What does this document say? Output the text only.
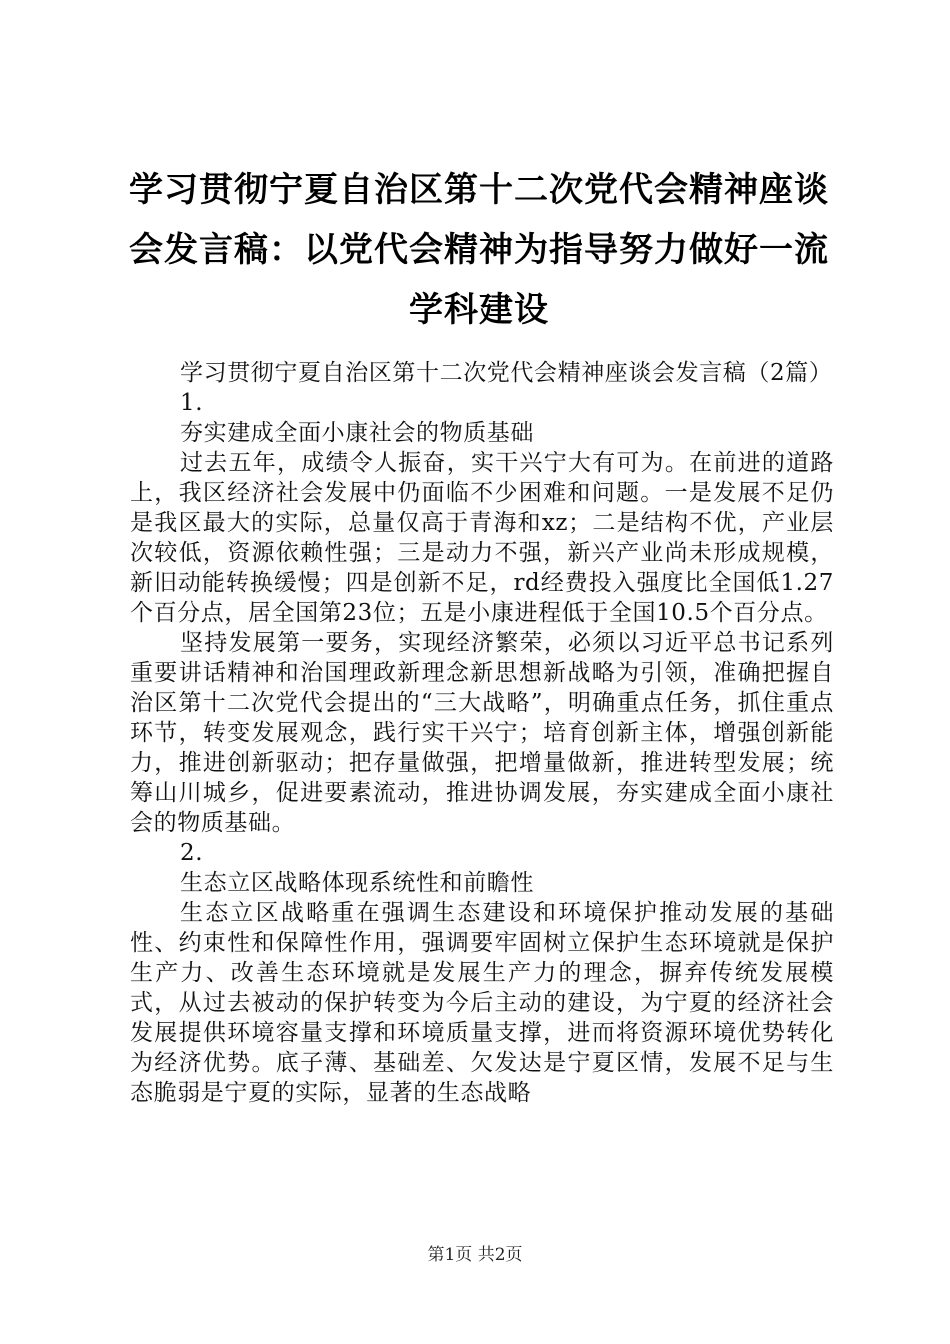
学习贯彻宁夏自治区第十二次党代会精神座谈会发言稿：以党代会精神为指导努力做好一流学科建设

学习贯彻宁夏自治区第十二次党代会精神座谈会发言稿（2篇）

1.

夯实建成全面小康社会的物质基础

过去五年，成绩令人振奋，实干兴宁大有可为。在前进的道路上，我区经济社会发展中仍面临不少困难和问题。一是发展不足仍是我区最大的实际，总量仅高于青海和xz；二是结构不优，产业层次较低，资源依赖性强；三是动力不强，新兴产业尚未形成规模，新旧动能转换缓慢；四是创新不足，rd经费投入强度比全国低1.27个百分点，居全国第23位；五是小康进程低于全国10.5个百分点。

坚持发展第一要务，实现经济繁荣，必须以习近平总书记系列重要讲话精神和治国理政新理念新思想新战略为引领，准确把握自治区第十二次党代会提出的“三大战略”，明确重点任务，抓住重点环节，转变发展观念，践行实干兴宁；培育创新主体，增强创新能力，推进创新驱动；把存量做强，把增量做新，推进转型发展；统筹山川城乡，促进要素流动，推进协调发展，夯实建成全面小康社会的物质基础。

2.

生态立区战略体现系统性和前瞻性

生态立区战略重在强调生态建设和环境保护推动发展的基础性、约束性和保障性作用，强调要牢固树立保护生态环境就是保护生产力、改善生态环境就是发展生产力的理念，摒弃传统发展模式，从过去被动的保护转变为今后主动的建设，为宁夏的经济社会发展提供环境容量支撑和环境质量支撑，进而将资源环境优势转化为经济优势。底子薄、基础差、欠发达是宁夏区情，发展不足与生态脆弱是宁夏的实际，显著的生态战略

第1页 共2页
